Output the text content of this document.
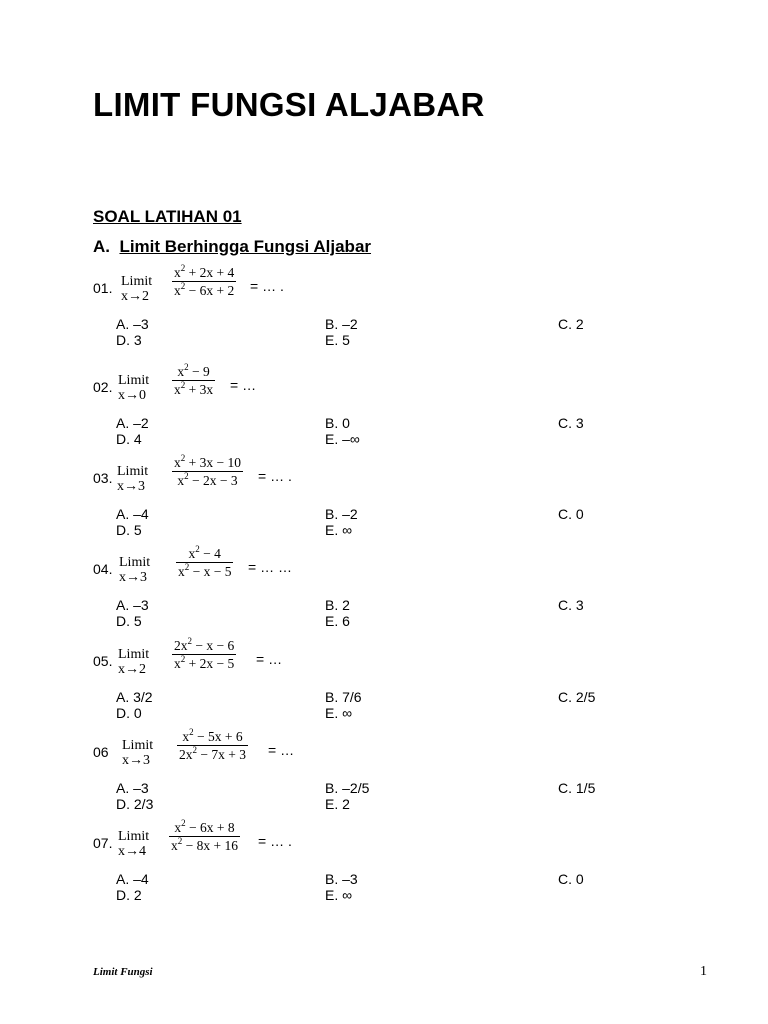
LIMIT FUNGSI ALJABAR
SOAL LATIHAN 01
A. Limit Berhingga Fungsi Aljabar
01. Limit
$x\to 2 \frac{x^2 + 2x + 4}{x^2 - 6x + 2}$ = … .
A. –3	B. –2	C. 2
D. 3	E. 5
02. Limit
$x\to 0 \frac{x^2 - 9}{x^2 + 3x}$ = …
A. –2	B. 0	C. 3
D. 4	E. –∞
03. Limit
$x\to 3 \frac{x^2 + 3x - 10}{x^2 - 2x - 3}$ = … .
A. –4	B. –2	C. 0
D. 5	E. ∞
04. Limit
$x\to 3 \frac{x^2 - 4}{x^2 - x - 5}$ = … …
A. –3	B. 2	C. 3
D. 5	E. 6
05. Limit
$x\to 2 \frac{2x^2 - x - 6}{x^2 + 2x - 5}$ = …
A. 3/2	B. 7/6	C. 2/5
D. 0	E. ∞
06 Limit
$x\to 3 \frac{x^2 - 5x + 6}{2x^2 - 7x + 3}$ = …
A. –3	B. –2/5	C. 1/5
D. 2/3	E. 2
07. Limit
$x\to 4 \frac{x^2 - 6x + 8}{x^2 - 8x + 16}$ = … .
A. –4	B. –3	C. 0
D. 2	E. ∞
Limit Fungsi	1
